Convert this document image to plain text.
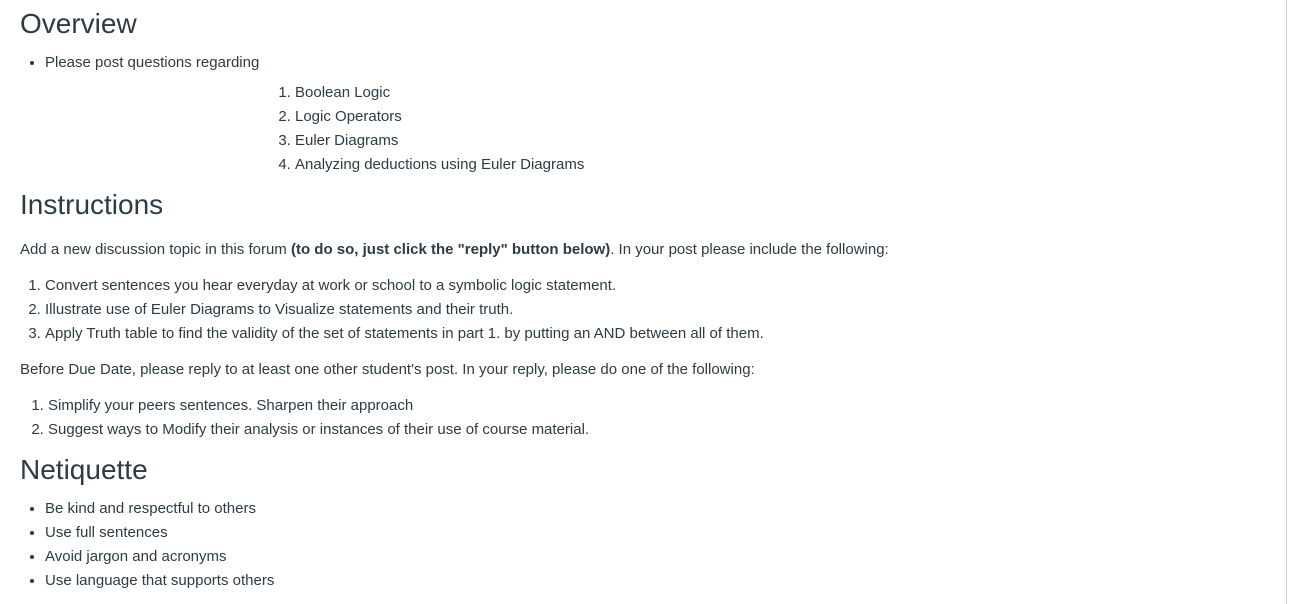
Overview
• Please post questions regarding
1. Boolean Logic
2. Logic Operators
3. Euler Diagrams
4. Analyzing deductions using Euler Diagrams
Instructions

Add a new discussion topic in this forum (to do so, just click the "reply" button below). In your post please include the following:

1. Convert sentences you hear everyday at work or school to a symbolic logic statement.
2. Illustrate use of Euler Diagrams to Visualize statements and their truth.
3. Apply Truth table to find the validity of the set of statements in part 1. by putting an AND between all of them.

Before Due Date, please reply to at least one other student's post. In your reply, please do one of the following:

1. Simplify your peers sentences. Sharpen their approach
2. Suggest ways to Modify their analysis or instances of their use of course material.
Netiquette
• Be kind and respectful to others
• Use full sentences
• Avoid jargon and acronyms
• Use language that supports others
